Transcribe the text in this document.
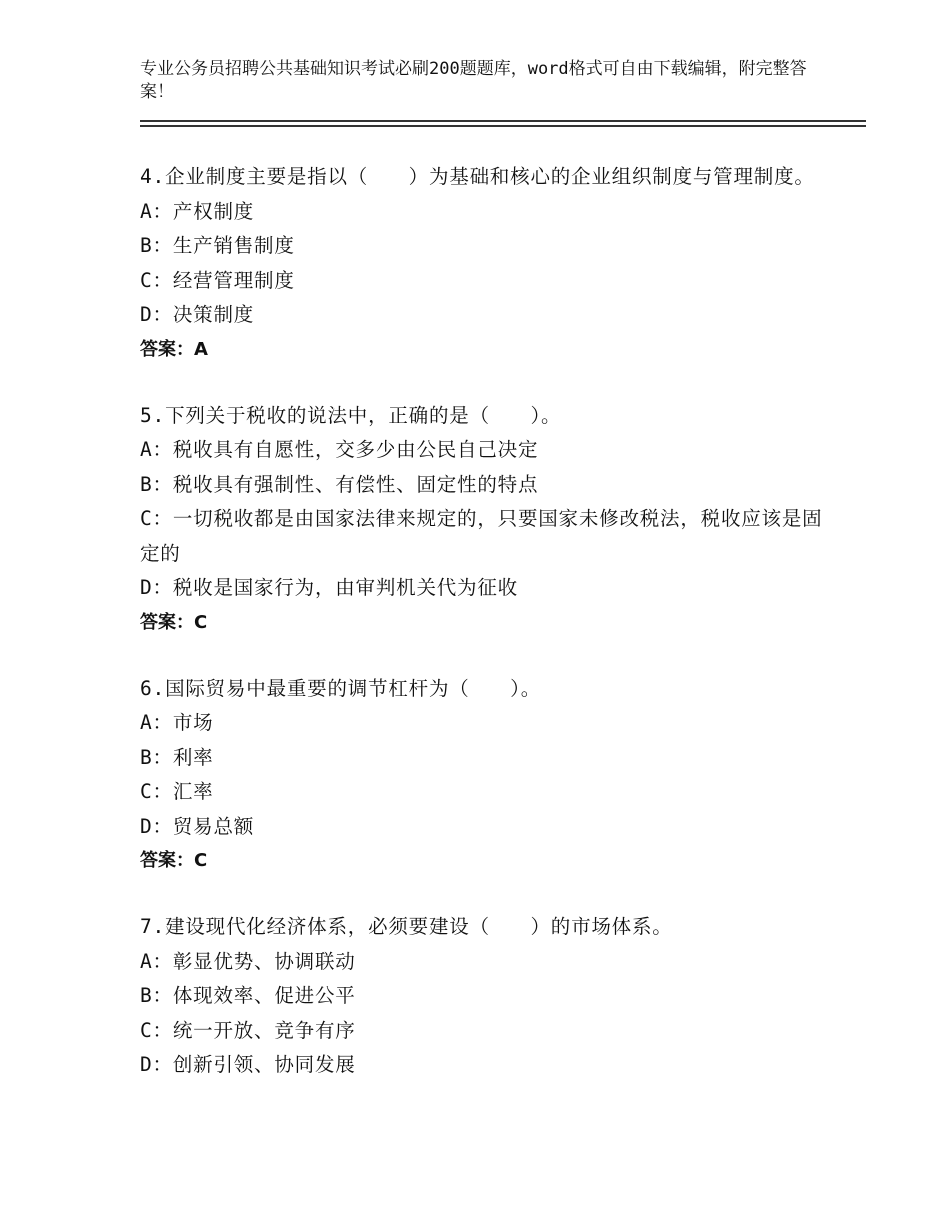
专业公务员招聘公共基础知识考试必刷200题题库，word格式可自由下载编辑，附完整答案！
4.企业制度主要是指以（　　）为基础和核心的企业组织制度与管理制度。
A：产权制度
B：生产销售制度
C：经营管理制度
D：决策制度
答案：A
5.下列关于税收的说法中，正确的是（　　）。
A：税收具有自愿性，交多少由公民自己决定
B：税收具有强制性、有偿性、固定性的特点
C：一切税收都是由国家法律来规定的，只要国家未修改税法，税收应该是固定的
D：税收是国家行为，由审判机关代为征收
答案：C
6.国际贸易中最重要的调节杠杆为（　　）。
A：市场
B：利率
C：汇率
D：贸易总额
答案：C
7.建设现代化经济体系，必须要建设（　　）的市场体系。
A：彰显优势、协调联动
B：体现效率、促进公平
C：统一开放、竞争有序
D：创新引领、协同发展
